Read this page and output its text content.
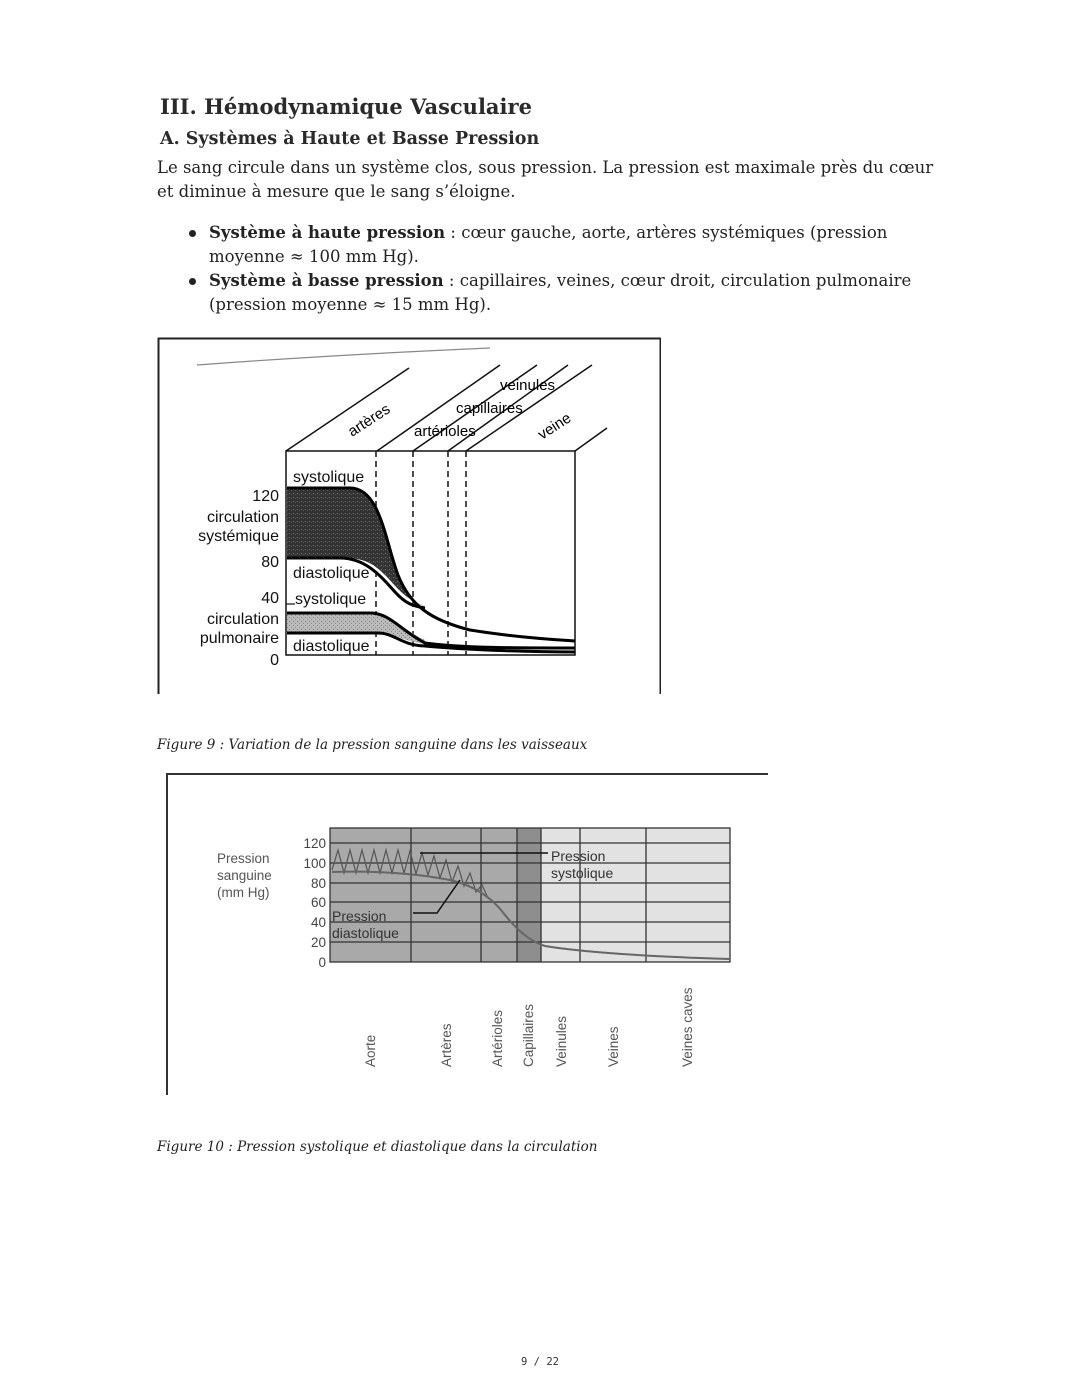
III. Hémodynamique Vasculaire
A. Systèmes à Haute et Basse Pression
Le sang circule dans un système clos, sous pression. La pression est maximale près du cœur et diminue à mesure que le sang s’éloigne.
Système à haute pression : cœur gauche, aorte, artères systémiques (pression moyenne ≈ 100 mm Hg).
Système à basse pression : capillaires, veines, cœur droit, circulation pulmonaire (pression moyenne ≈ 15 mm Hg).
artères artérioles
capillaires
veinules
veine
systolique
diastolique
systolique
diastolique
120
circulation
systémique
80
40
circulation
pulmonaire
0
Figure 9 : Variation de la pression sanguine dans les vaisseaux
120
100
80
60
40
20
0
Pression
sanguine
(mm Hg)
Pression
systolique
Pression
diastolique
Aorte	Artères	Artérioles Capillaires Veinules	Veines	Veines caves
Figure 10 : Pression systolique et diastolique dans la circulation
9 / 22
